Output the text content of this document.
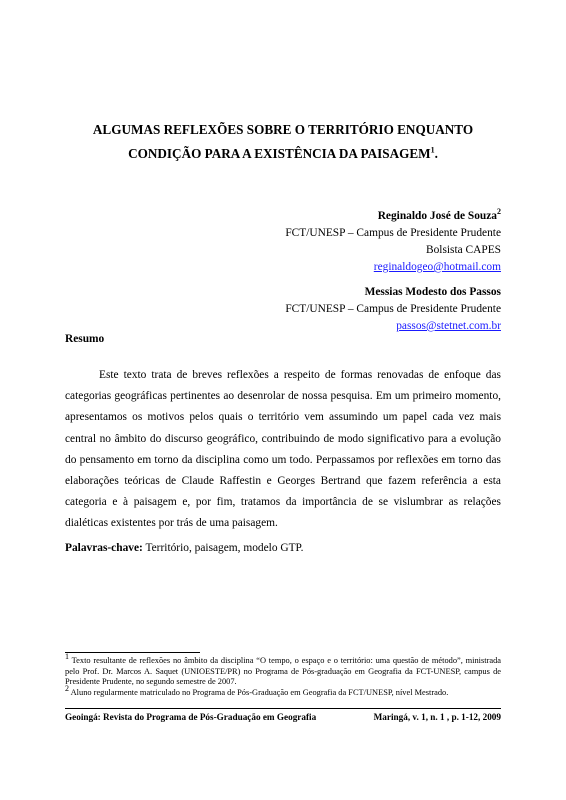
ALGUMAS REFLEXÕES SOBRE O TERRITÓRIO ENQUANTO
CONDIÇÃO PARA A EXISTÊNCIA DA PAISAGEM$^1$.
Reginaldo José de Souza$^2$
FCT/UNESP – Campus de Presidente Prudente
Bolsista CAPES
reginaldogeo@hotmail.com
Messias Modesto dos Passos
FCT/UNESP – Campus de Presidente Prudente
passos@stetnet.com.br
Resumo

Este texto trata de breves reflexões a respeito de formas renovadas de enfoque das categorias geográficas pertinentes ao desenrolar de nossa pesquisa. Em um primeiro momento, apresentamos os motivos pelos quais o território vem assumindo um papel cada vez mais central no âmbito do discurso geográfico, contribuindo de modo significativo para a evolução do pensamento em torno da disciplina como um todo. Perpassamos por reflexões em torno das elaborações teóricas de Claude Raffestin e Georges Bertrand que fazem referência a esta categoria e à paisagem e, por fim, tratamos da importância de se vislumbrar as relações dialéticas existentes por trás de uma paisagem.

Palavras-chave: Território, paisagem, modelo GTP.

$^1$ Texto resultante de reflexões no âmbito da disciplina “O tempo, o espaço e o território: uma questão de método”, ministrada pelo Prof. Dr. Marcos A. Saquet (UNIOESTE/PR) no Programa de Pós-graduação em Geografia da FCT-UNESP, campus de Presidente Prudente, no segundo semestre de 2007.

$^2$ Aluno regularmente matriculado no Programa de Pós-Graduação em Geografia da FCT/UNESP, nível Mestrado.

Geoingá: Revista do Programa de Pós-Graduação em Geografia	Maringá, v. 1, n. 1 , p. 1-12, 2009
